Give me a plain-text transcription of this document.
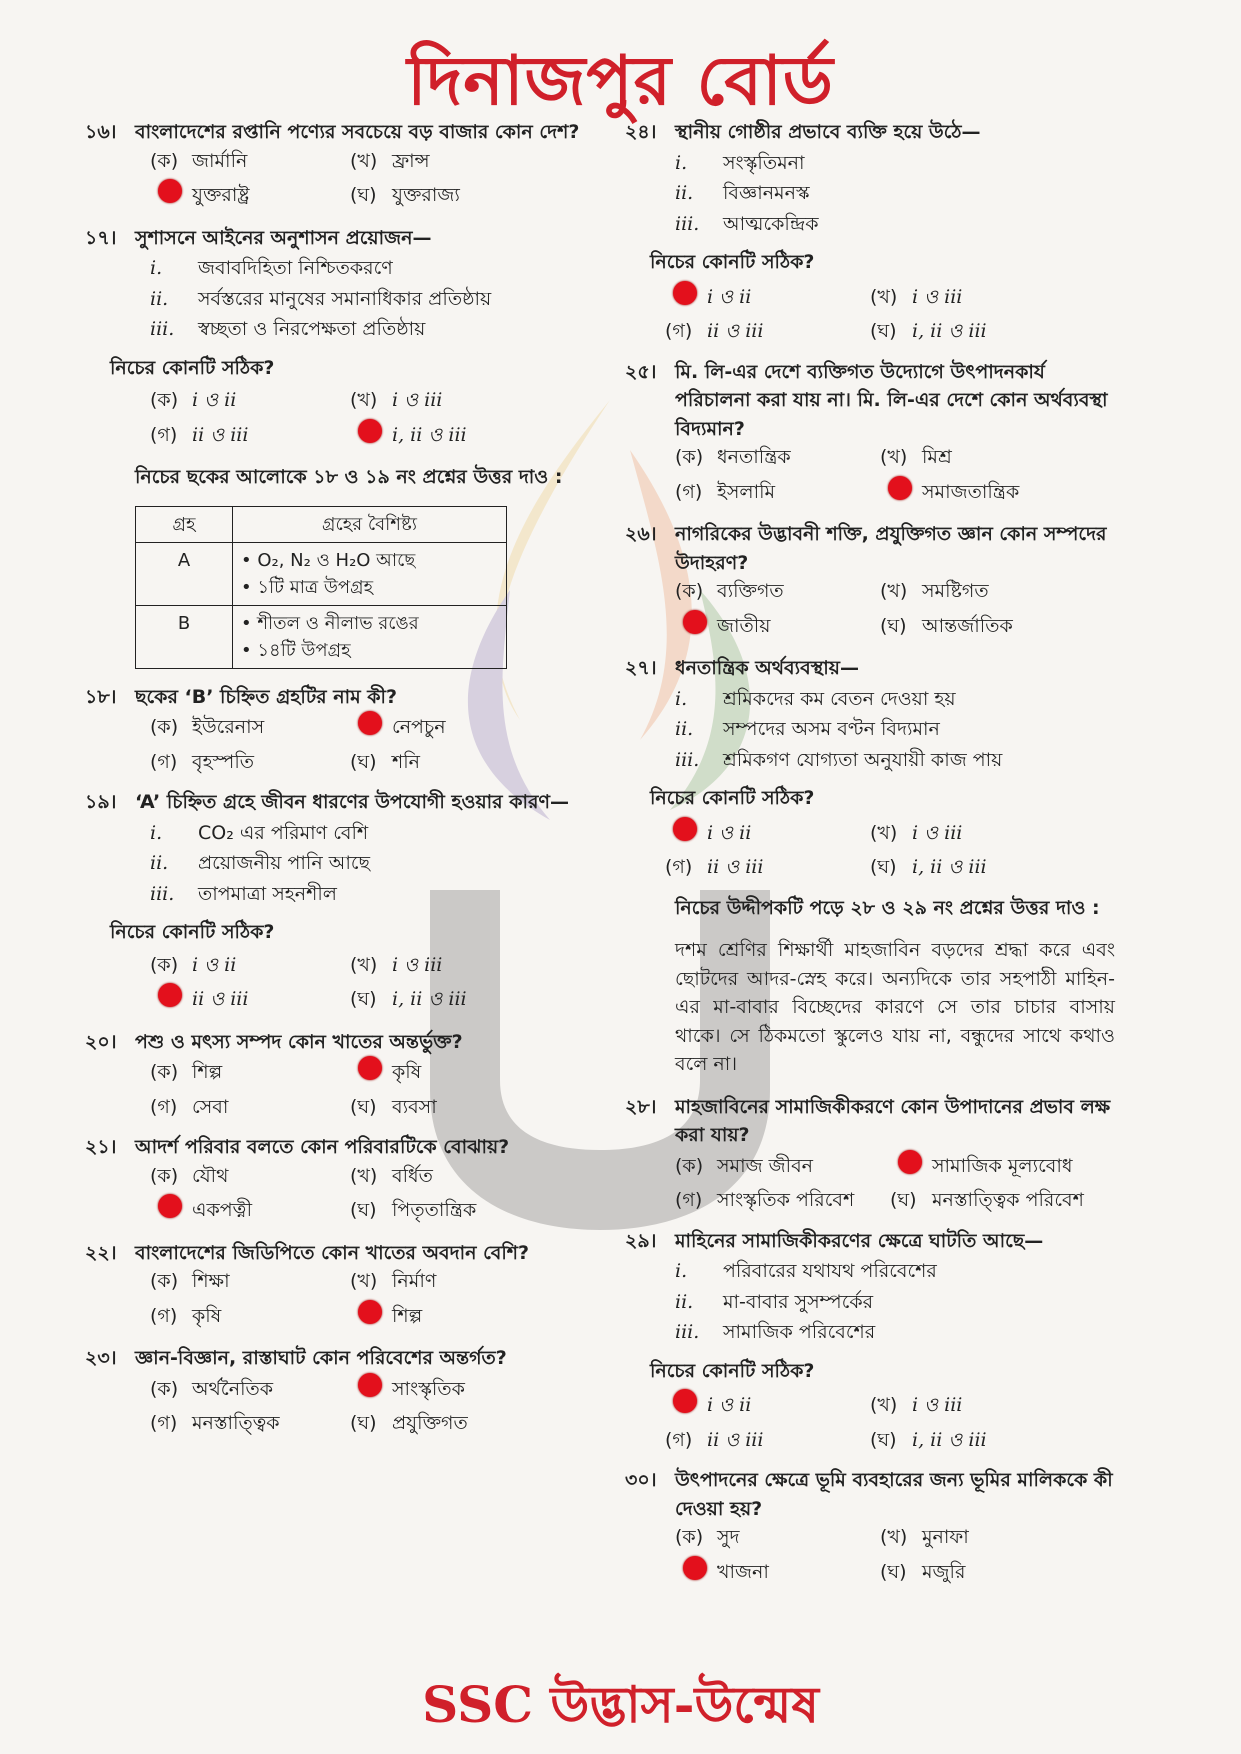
দিনাজপুর বোর্ড
১৬। বাংলাদেশের রপ্তানি পণ্যের সবচেয়ে বড় বাজার কোন দেশ?
(ক) জার্মানি	(খ) ফ্রান্স
যুক্তরাষ্ট্র	(ঘ) যুক্তরাজ্য
১৭। সুশাসনে আইনের অনুশাসন প্রয়োজন—
i.	জবাবদিহিতা নিশ্চিতকরণে
ii.	সর্বস্তরের মানুষের সমানাধিকার প্রতিষ্ঠায়
iii.	স্বচ্ছতা ও নিরপেক্ষতা প্রতিষ্ঠায়
নিচের কোনটি সঠিক?
(ক) i ও ii	(খ) i ও iii
(গ) ii ও iii	i, ii ও iii
নিচের ছকের আলোকে ১৮ ও ১৯ নং প্রশ্নের উত্তর দাও :
গ্রহ	গ্রহের বৈশিষ্ট্য
A	• O₂, N₂ ও H₂O আছে
• ১টি মাত্র উপগ্রহ

B	• শীতল ও নীলাভ রঙের
• ১৪টি উপগ্রহ
১৮। ছকের ‘B’ চিহ্নিত গ্রহটির নাম কী?
(ক) ইউরেনাস	নেপচুন
(গ) বৃহস্পতি	(ঘ) শনি
১৯। ‘A’ চিহ্নিত গ্রহে জীবন ধারণের উপযোগী হওয়ার কারণ—
i.	CO₂ এর পরিমাণ বেশি
ii.	প্রয়োজনীয় পানি আছে
iii.	তাপমাত্রা সহনশীল
নিচের কোনটি সঠিক?
(ক) i ও ii	(খ) i ও iii
ii ও iii	(ঘ) i, ii ও iii
২০। পশু ও মৎস্য সম্পদ কোন খাতের অন্তর্ভুক্ত?
(ক) শিল্প	কৃষি
(গ) সেবা	(ঘ) ব্যবসা
২১। আদর্শ পরিবার বলতে কোন পরিবারটিকে বোঝায়?
(ক) যৌথ	(খ) বর্ধিত
একপত্নী	(ঘ) পিতৃতান্ত্রিক
২২। বাংলাদেশের জিডিপিতে কোন খাতের অবদান বেশি?
(ক) শিক্ষা	(খ) নির্মাণ
(গ) কৃষি	শিল্প
২৩। জ্ঞান-বিজ্ঞান, রাস্তাঘাট কোন পরিবেশের অন্তর্গত?
(ক) অর্থনৈতিক	সাংস্কৃতিক
(গ) মনস্তাত্ত্বিক	(ঘ) প্রযুক্তিগত
২৪। স্থানীয় গোষ্ঠীর প্রভাবে ব্যক্তি হয়ে উঠে—
i.	সংস্কৃতিমনা
ii.	বিজ্ঞানমনস্ক
iii.	আত্মকেন্দ্রিক
নিচের কোনটি সঠিক?
i ও ii	(খ) i ও iii
(গ) ii ও iii	(ঘ) i, ii ও iii
২৫। মি. লি-এর দেশে ব্যক্তিগত উদ্যোগে উৎপাদনকার্য পরিচালনা করা যায় না। মি. লি-এর দেশে কোন অর্থব্যবস্থা বিদ্যমান?
(ক) ধনতান্ত্রিক	(খ) মিশ্র
(গ) ইসলামি	সমাজতান্ত্রিক
২৬। নাগরিকের উদ্ভাবনী শক্তি, প্রযুক্তিগত জ্ঞান কোন সম্পদের উদাহরণ?
(ক) ব্যক্তিগত	(খ) সমষ্টিগত
জাতীয়	(ঘ) আন্তর্জাতিক
২৭। ধনতান্ত্রিক অর্থব্যবস্থায়—
i.	শ্রমিকদের কম বেতন দেওয়া হয়
ii.	সম্পদের অসম বণ্টন বিদ্যমান
iii.	শ্রমিকগণ যোগ্যতা অনুযায়ী কাজ পায়
নিচের কোনটি সঠিক?
i ও ii	(খ) i ও iii
(গ) ii ও iii	(ঘ) i, ii ও iii
নিচের উদ্দীপকটি পড়ে ২৮ ও ২৯ নং প্রশ্নের উত্তর দাও :
দশম শ্রেণির শিক্ষার্থী মাহজাবিন বড়দের শ্রদ্ধা করে এবং ছোটদের আদর-স্নেহ করে। অন্যদিকে তার সহপাঠী মাহিন-এর মা-বাবার বিচ্ছেদের কারণে সে তার চাচার বাসায় থাকে। সে ঠিকমতো স্কুলেও যায় না, বন্ধুদের সাথে কথাও বলে না।
২৮। মাহজাবিনের সামাজিকীকরণে কোন উপাদানের প্রভাব লক্ষ করা যায়?
(ক) সমাজ জীবন	সামাজিক মূল্যবোধ
(গ) সাংস্কৃতিক পরিবেশ (ঘ) মনস্তাত্ত্বিক পরিবেশ
২৯। মাহিনের সামাজিকীকরণের ক্ষেত্রে ঘাটতি আছে—
i.	পরিবারের যথাযথ পরিবেশের
ii.	মা-বাবার সুসম্পর্কের
iii.	সামাজিক পরিবেশের
নিচের কোনটি সঠিক?
i ও ii	(খ) i ও iii
(গ) ii ও iii	(ঘ) i, ii ও iii
৩০। উৎপাদনের ক্ষেত্রে ভূমি ব্যবহারের জন্য ভূমির মালিককে কী দেওয়া হয়?
(ক) সুদ	(খ) মুনাফা
খাজনা	(ঘ) মজুরি
SSC উদ্ভাস-উন্মেষ
